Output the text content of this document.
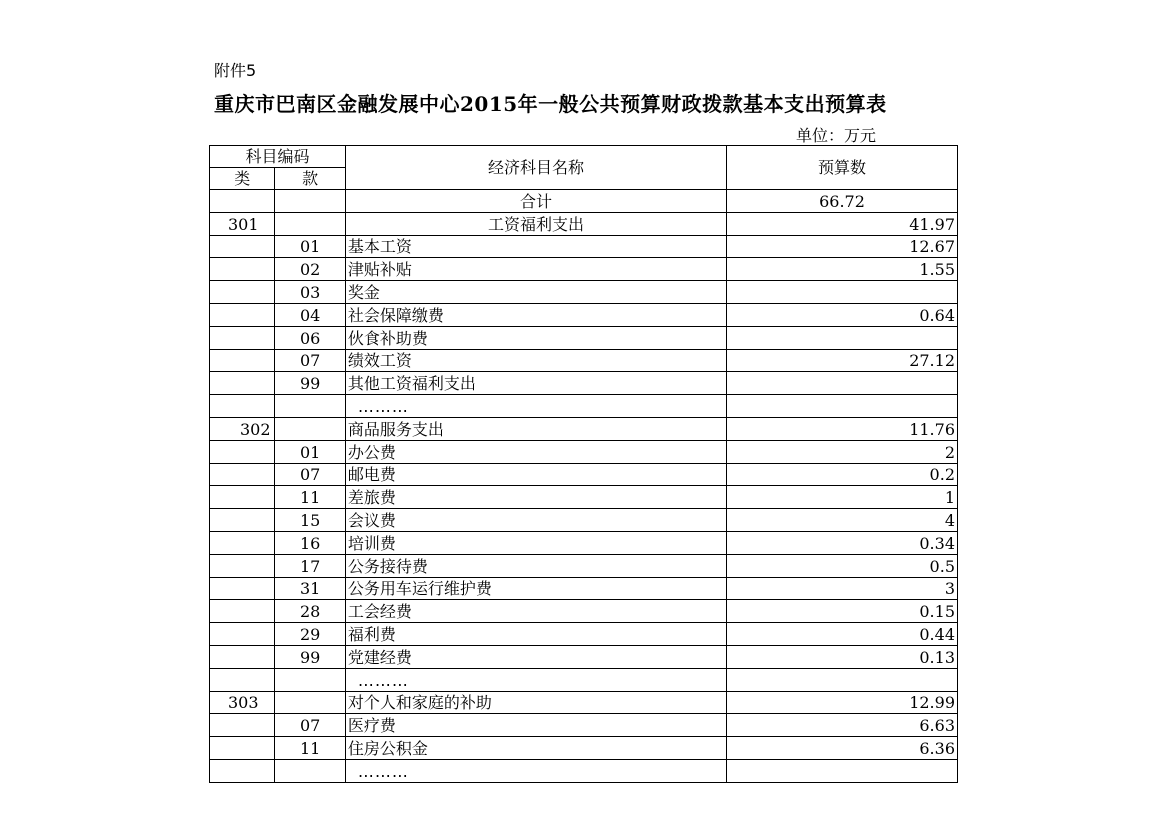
附件5
重庆市巴南区金融发展中心2015年一般公共预算财政拨款基本支出预算表
单位：万元
科目编码		经济科目名称	预算数
类	款		
		合计	66.72
301		工资福利支出	41.97
	01	基本工资	12.67
	02	津贴补贴	1.55
	03	奖金	
	04	社会保障缴费	0.64
	06	伙食补助费	
	07	绩效工资	27.12
	99	其他工资福利支出	
		………	
302		商品服务支出	11.76
	01	办公费	2
	07	邮电费	0.2
	11	差旅费	1
	15	会议费	4
	16	培训费	0.34
	17	公务接待费	0.5
	31	公务用车运行维护费	3
	28	工会经费	0.15
	29	福利费	0.44
	99	党建经费	0.13
		………	
303		对个人和家庭的补助	12.99
	07	医疗费	6.63
	11	住房公积金	6.36
		………	
